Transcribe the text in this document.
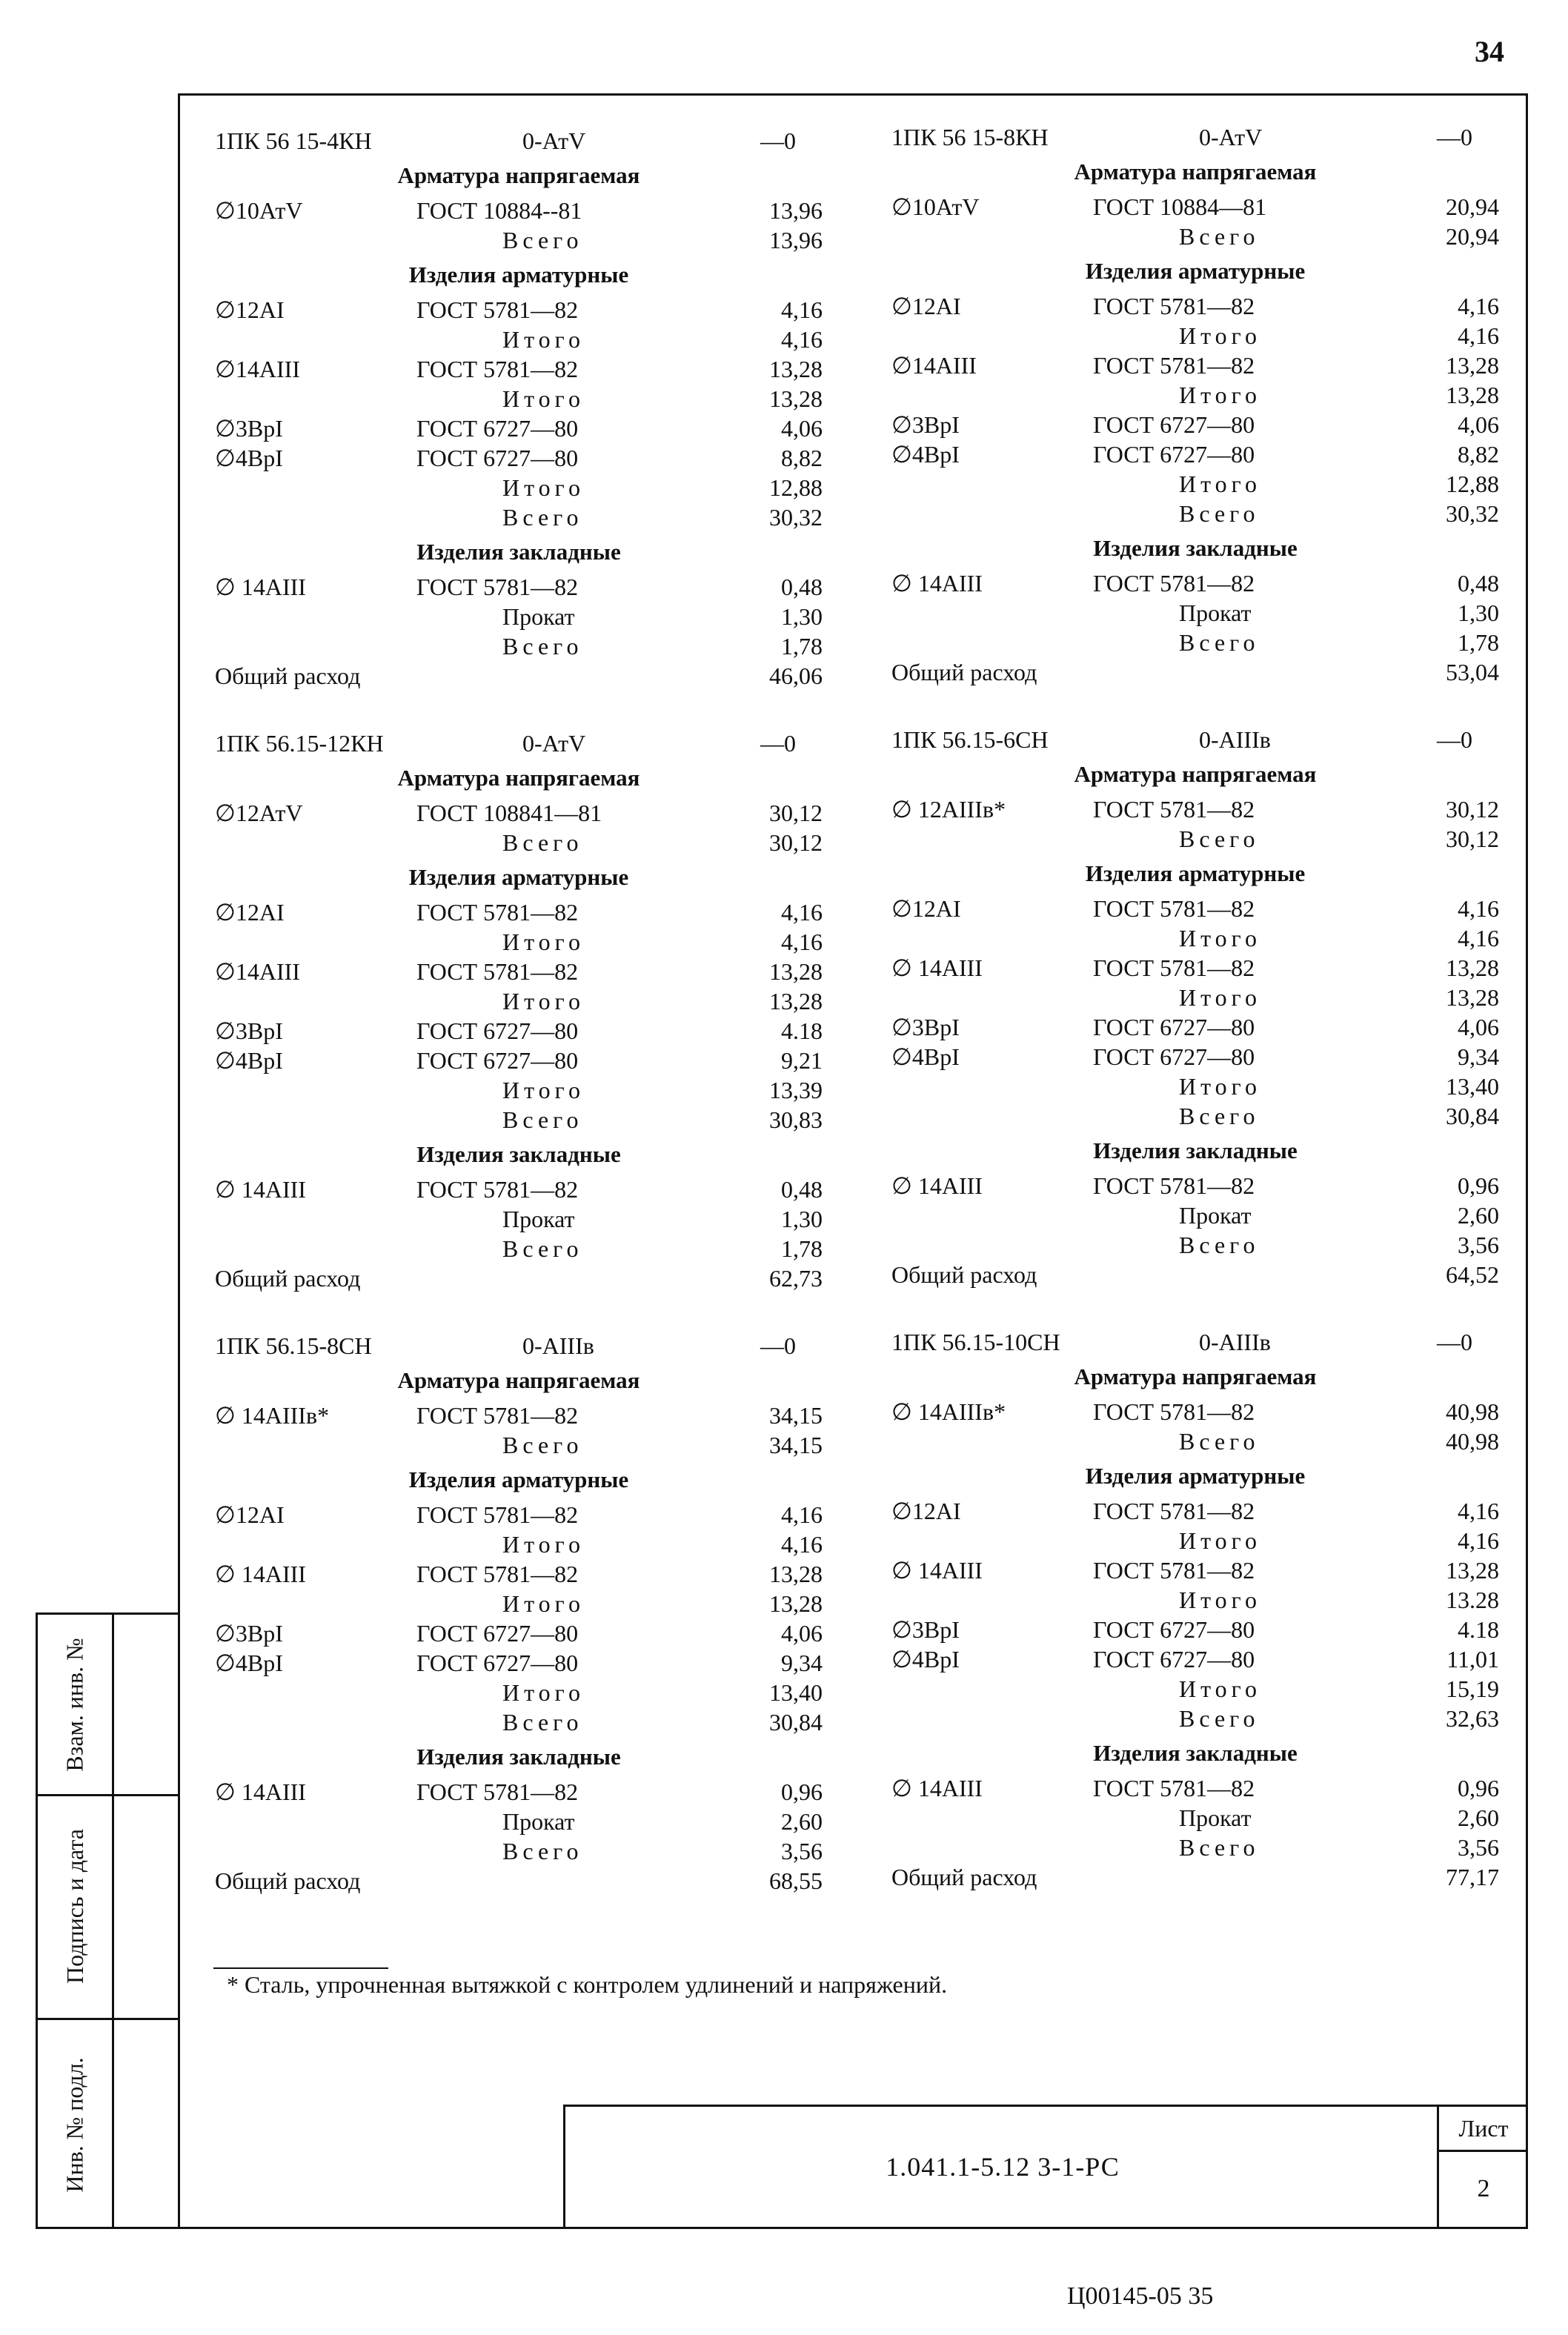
34
Взам. инв. №
Подпись и дата
Инв. № подл.
1ПК 56 15-4КН	0-АтV	—0
Арматура напрягаемая
∅10АтV	ГОСТ 10884--81	13,96
Всего	13,96
Изделия арматурные
∅12АI	ГОСТ 5781—82	4,16
Итого	4,16
∅14АIII	ГОСТ 5781—82	13,28
Итого	13,28
∅3ВрI	ГОСТ 6727—80	4,06
∅4ВрI	ГОСТ 6727—80	8,82
Итого	12,88
Всего	30,32
Изделия закладные
∅ 14АIII	ГОСТ 5781—82	0,48
Прокат	1,30
Всего	1,78
Общий расход	46,06
1ПК 56 15-8КН	0-АтV	—0
Арматура напрягаемая
∅10АтV	ГОСТ 10884—81	20,94
Всего	20,94
Изделия арматурные
∅12АI	ГОСТ 5781—82	4,16
Итого	4,16
∅14АIII	ГОСТ 5781—82	13,28
Итого	13,28
∅3ВрI	ГОСТ 6727—80	4,06
∅4ВрI	ГОСТ 6727—80	8,82
Итого	12,88
Всего	30,32
Изделия закладные
∅ 14АIII	ГОСТ 5781—82	0,48
Прокат	1,30
Всего	1,78
Общий расход	53,04
1ПК 56.15-12КН	0-АтV	—0
Арматура напрягаемая
∅12АтV	ГОСТ 108841—81	30,12
Всего	30,12
Изделия арматурные
∅12АI	ГОСТ 5781—82	4,16
Итого	4,16
∅14АIII	ГОСТ 5781—82	13,28
Итого	13,28
∅3ВрI	ГОСТ 6727—80	4.18
∅4ВрI	ГОСТ 6727—80	9,21
Итого	13,39
Всего	30,83
Изделия закладные
∅ 14АIII	ГОСТ 5781—82	0,48
Прокат	1,30
Всего	1,78
Общий расход	62,73
1ПК 56.15-6СН	0-АIIIв	—0
Арматура напрягаемая
∅ 12АIIIв*	ГОСТ 5781—82	30,12
Всего	30,12
Изделия арматурные
∅12АI	ГОСТ 5781—82	4,16
Итого	4,16
∅ 14АIII	ГОСТ 5781—82	13,28
Итого	13,28
∅3ВрI	ГОСТ 6727—80	4,06
∅4ВрI	ГОСТ 6727—80	9,34
Итого	13,40
Всего	30,84
Изделия закладные
∅ 14АIII	ГОСТ 5781—82	0,96
Прокат	2,60
Всего	3,56
Общий расход	64,52
1ПК 56.15-8СН	0-АIIIв	—0
Арматура напрягаемая
∅ 14АIIIв*	ГОСТ 5781—82	34,15
Всего	34,15
Изделия арматурные
∅12АI	ГОСТ 5781—82	4,16
Итого	4,16
∅ 14АIII	ГОСТ 5781—82	13,28
Итого	13,28
∅3ВрI	ГОСТ 6727—80	4,06
∅4ВрI	ГОСТ 6727—80	9,34
Итого	13,40
Всего	30,84
Изделия закладные
∅ 14АIII	ГОСТ 5781—82	0,96
Прокат	2,60
Всего	3,56
Общий расход	68,55
1ПК 56.15-10СН	0-АIIIв	—0
Арматура напрягаемая
∅ 14АIIIв*	ГОСТ 5781—82	40,98
Всего	40,98
Изделия арматурные
∅12АI	ГОСТ 5781—82	4,16
Итого	4,16
∅ 14АIII	ГОСТ 5781—82	13,28
Итого	13.28
∅3ВрI	ГОСТ 6727—80	4.18
∅4ВрI	ГОСТ 6727—80	11,01
Итого	15,19
Всего	32,63
Изделия закладные
∅ 14АIII	ГОСТ 5781—82	0,96
Прокат	2,60
Всего	3,56
Общий расход	77,17
* Сталь, упрочненная вытяжкой с контролем удлинений и напряжений.
1.041.1-5.12 3-1-РС
Лист
2
Ц00145-05 35
